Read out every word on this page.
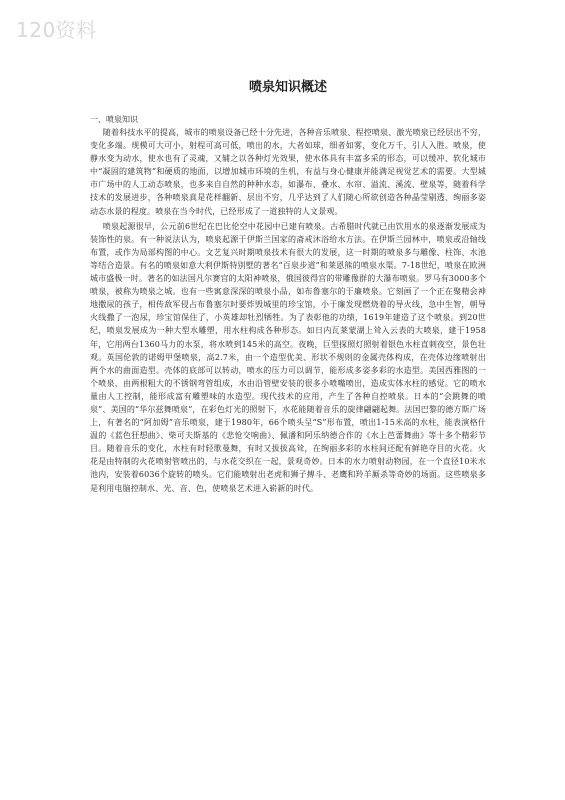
120资料
喷泉知识概述

一、喷泉知识

随着科技水平的提高，城市的喷泉设备已经十分先进，各种音乐喷泉、程控喷泉、激光喷泉已经层出不穷，变化多端。规模可大可小，射程可高可低，喷出的水，大者如球，细者如雾，变化万千，引人入胜。喷泉，使静水变为动水，使水也有了灵魂，又辅之以各种灯光效果，使水体具有丰富多采的形态，可以缓冲、软化城市中“凝固的建筑物”和硬质的地面，以增加城市环境的生机，有益与身心健康并能满足视觉艺术的需要。大型城市广场中的人工动态喷泉，也多来自自然的种种水态，如瀑布、叠水、水帘、溢流、溪流、壁泉等，随着科学技术的发展进步，各种喷泉真是花样翻新、层出不穷，几乎达到了人们随心所欲创造各种晶莹剔透、绚丽多姿动态水景的程度。喷泉在当今时代，已经形成了一道独特的人文景观。

喷泉起源很早，公元前6世纪在巴比伦空中花园中已建有喷泉。古希腊时代就已由饮用水的泉逐渐发展成为装饰性的泉。有一种说法认为，喷泉起源于伊斯兰国家的斋戒沐浴给水方法。在伊斯兰园林中，喷泉或沿轴线布置，或作为局部构图的中心。文艺复兴时期喷泉技术有很大的发展，这一时期的喷泉多与雕像、柱饰、水池等结合造景。有名的喷泉如意大利伊斯特别墅的著名“百泉步道”和莱恩熊的喷泉水渠。7-18世纪，喷泉在欧洲城市盛极一时。著名的如法国凡尔赛宫的太阳神喷泉，俄国彼得宫的带雕像群的大瀑布喷泉。罗马有3000多个喷泉，被称为喷泉之城。也有一些寓意深深的喷泉小品，如布鲁塞尔的于廉喷泉。它刻画了一个正在聚精会神地撒尿的孩子，相传敌军侵占布鲁塞尔时要炸毁城里的珍宝馆，小于廉发现燃烧着的导火线，急中生智，朝导火线撒了一泡尿，珍宝馆保住了，小英雄却牡烈牺牲。为了表彰他的功绩，1619年建造了这个喷泉。到20世纪，喷泉发展成为一种大型水雕塑，用水柱构成各种形态。如日内瓦莱蒙湖上耸入云表的大喷泉，建于1958年，它用两台1360马力的水泵，将水喷到145米的高空。夜晚，巨型探照灯照射着银色水柱直刺夜空，景色壮观。英国伦敦的诺姆甲堡喷泉，高2.7米，由一个造型优美、形状不规则的金属壳体构成，在壳体边缘喷射出两个水的曲面造型。壳体的底部可以转动，喷水的压力可以调节，能形成多姿多彩的水造型。美国西雅图的一个喷泉，由两根粗大的不锈钢弯管组成，水由沿管壁安装的很多小喷嘴喷出，造成实体水柱的感觉。它的喷水量由人工控制，能形成富有雕塑味的水造型。现代技术的应用，产生了各种自控喷泉。日本的“会跳舞的喷泉”、美国的“华尔兹舞喷泉”，在彩色灯光的照射下，水花能随着音乐的旋律翩翩起舞。法国巴黎的德方斯广场上，有著名的“阿加姆”音乐喷泉，建于1980年，66个喷头呈“S”形布置，喷出1-15米高的水柱，能表演格什温的《蓝色狂想曲》、柴可夫斯基的《悲怆交响曲》、佩潘和阿乐纳德合作的《水上芭蕾舞曲》等十多个精彩节目。随着音乐的变化，水柱有时轻歌曼舞，有时又拔拔高耸，在绚丽多彩的水柱间还配有鲜艳夺目的火花。火花是由特制的火花喷射管喷出的，与水花交织在一起，景观奇妙。日本的水力喷射动物园，在一个直径10米水池内，安装着6036个旋转的喷头。它们能喷射出老虎和狮子搏斗、老鹰和羚羊厮杀等奇妙的场面。这些喷泉多是利用电脑控制水、光、音、色，使喷泉艺术进入崭新的时代。
